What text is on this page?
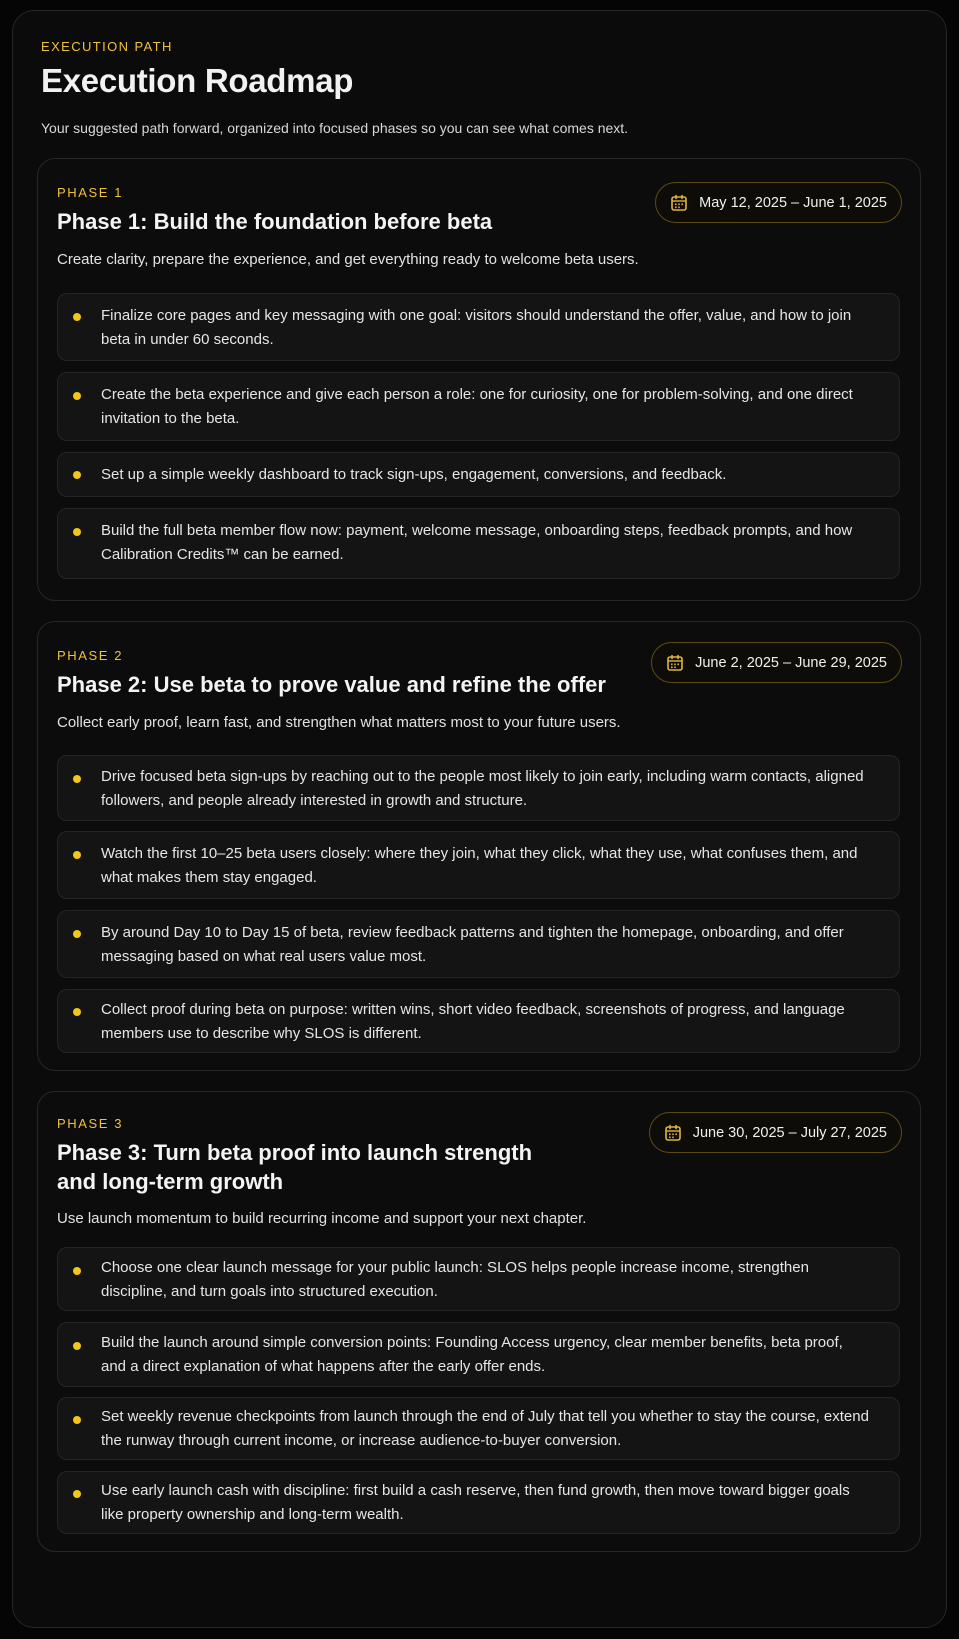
EXECUTION PATH
Execution Roadmap
Your suggested path forward, organized into focused phases so you can see what comes next.
PHASE 1
Phase 1: Build the foundation before beta
May 12, 2025 – June 1, 2025
Create clarity, prepare the experience, and get everything ready to welcome beta users.
Finalize core pages and key messaging with one goal: visitors should understand the offer, value, and how to join beta in under 60 seconds.
Create the beta experience and give each person a role: one for curiosity, one for problem-solving, and one direct invitation to the beta.
Set up a simple weekly dashboard to track sign-ups, engagement, conversions, and feedback.
Build the full beta member flow now: payment, welcome message, onboarding steps, feedback prompts, and how Calibration Credits™ can be earned.
PHASE 2
Phase 2: Use beta to prove value and refine the offer
June 2, 2025 – June 29, 2025
Collect early proof, learn fast, and strengthen what matters most to your future users.
Drive focused beta sign-ups by reaching out to the people most likely to join early, including warm contacts, aligned followers, and people already interested in growth and structure.
Watch the first 10–25 beta users closely: where they join, what they click, what they use, what confuses them, and what makes them stay engaged.
By around Day 10 to Day 15 of beta, review feedback patterns and tighten the homepage, onboarding, and offer messaging based on what real users value most.
Collect proof during beta on purpose: written wins, short video feedback, screenshots of progress, and language members use to describe why SLOS is different.
PHASE 3
Phase 3: Turn beta proof into launch strength and long-term growth
June 30, 2025 – July 27, 2025
Use launch momentum to build recurring income and support your next chapter.
Choose one clear launch message for your public launch: SLOS helps people increase income, strengthen discipline, and turn goals into structured execution.
Build the launch around simple conversion points: Founding Access urgency, clear member benefits, beta proof, and a direct explanation of what happens after the early offer ends.
Set weekly revenue checkpoints from launch through the end of July that tell you whether to stay the course, extend the runway through current income, or increase audience-to-buyer conversion.
Use early launch cash with discipline: first build a cash reserve, then fund growth, then move toward bigger goals like property ownership and long-term wealth.
